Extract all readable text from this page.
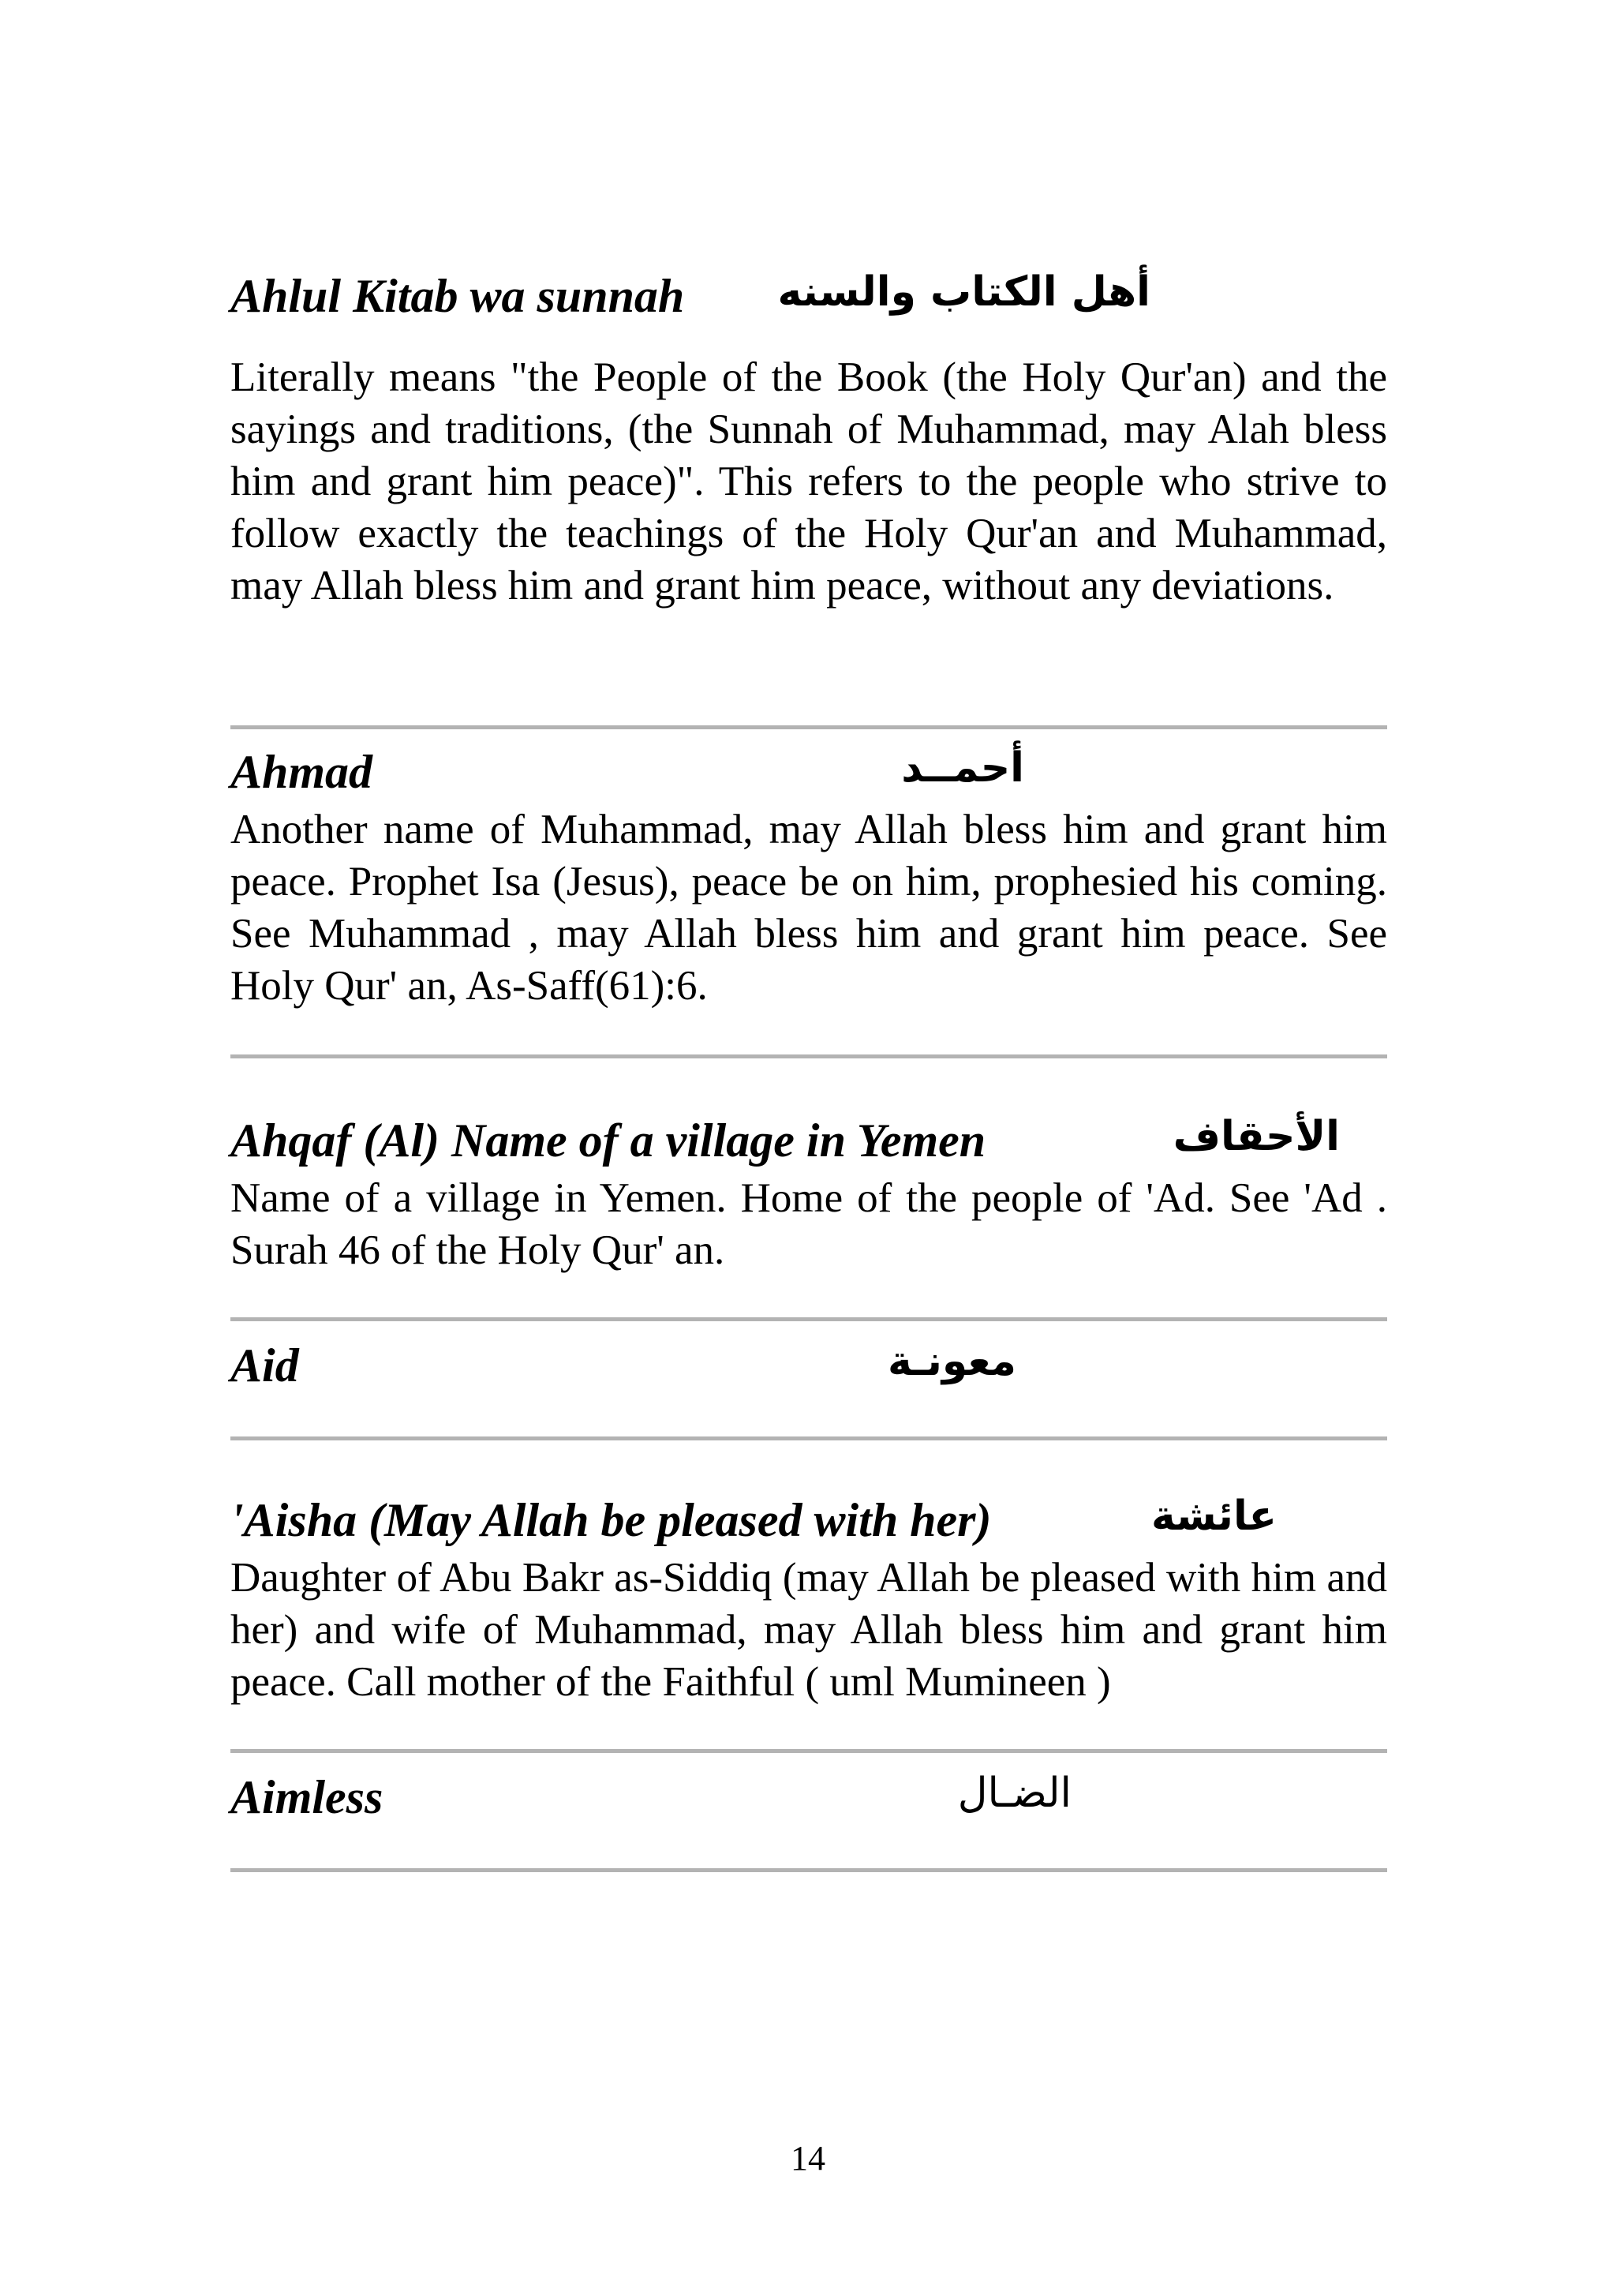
Ahlul Kitab wa sunnah أهل الكتاب والسنه

Literally means "the People of the Book (the Holy Qur'an) and the sayings and traditions, (the Sunnah of Muhammad, may Alah bless him and grant him peace)". This refers to the people who strive to follow exactly the teachings of the Holy Qur'an and Muhammad, may Allah bless him and grant him peace, without any deviations.

Ahmad	أحمــد

Another name of Muhammad, may Allah bless him and grant him peace. Prophet Isa (Jesus), peace be on him, prophesied his coming. See Muhammad , may Allah bless him and grant him peace. See Holy Qur' an, As-Saff(61):6.

Ahqaf (Al) Name of a village in Yemen	الأحقاف

Name of a village in Yemen. Home of the people of 'Ad. See 'Ad . Surah 46 of the Holy Qur' an.

Aid	معونـة
'Aisha (May Allah be pleased with her)	عائشة

Daughter of Abu Bakr as-Siddiq (may Allah be pleased with him and her) and wife of Muhammad, may Allah bless him and grant him peace. Call mother of the Faithful ( uml Mumineen )

Aimless	الضـال
14
